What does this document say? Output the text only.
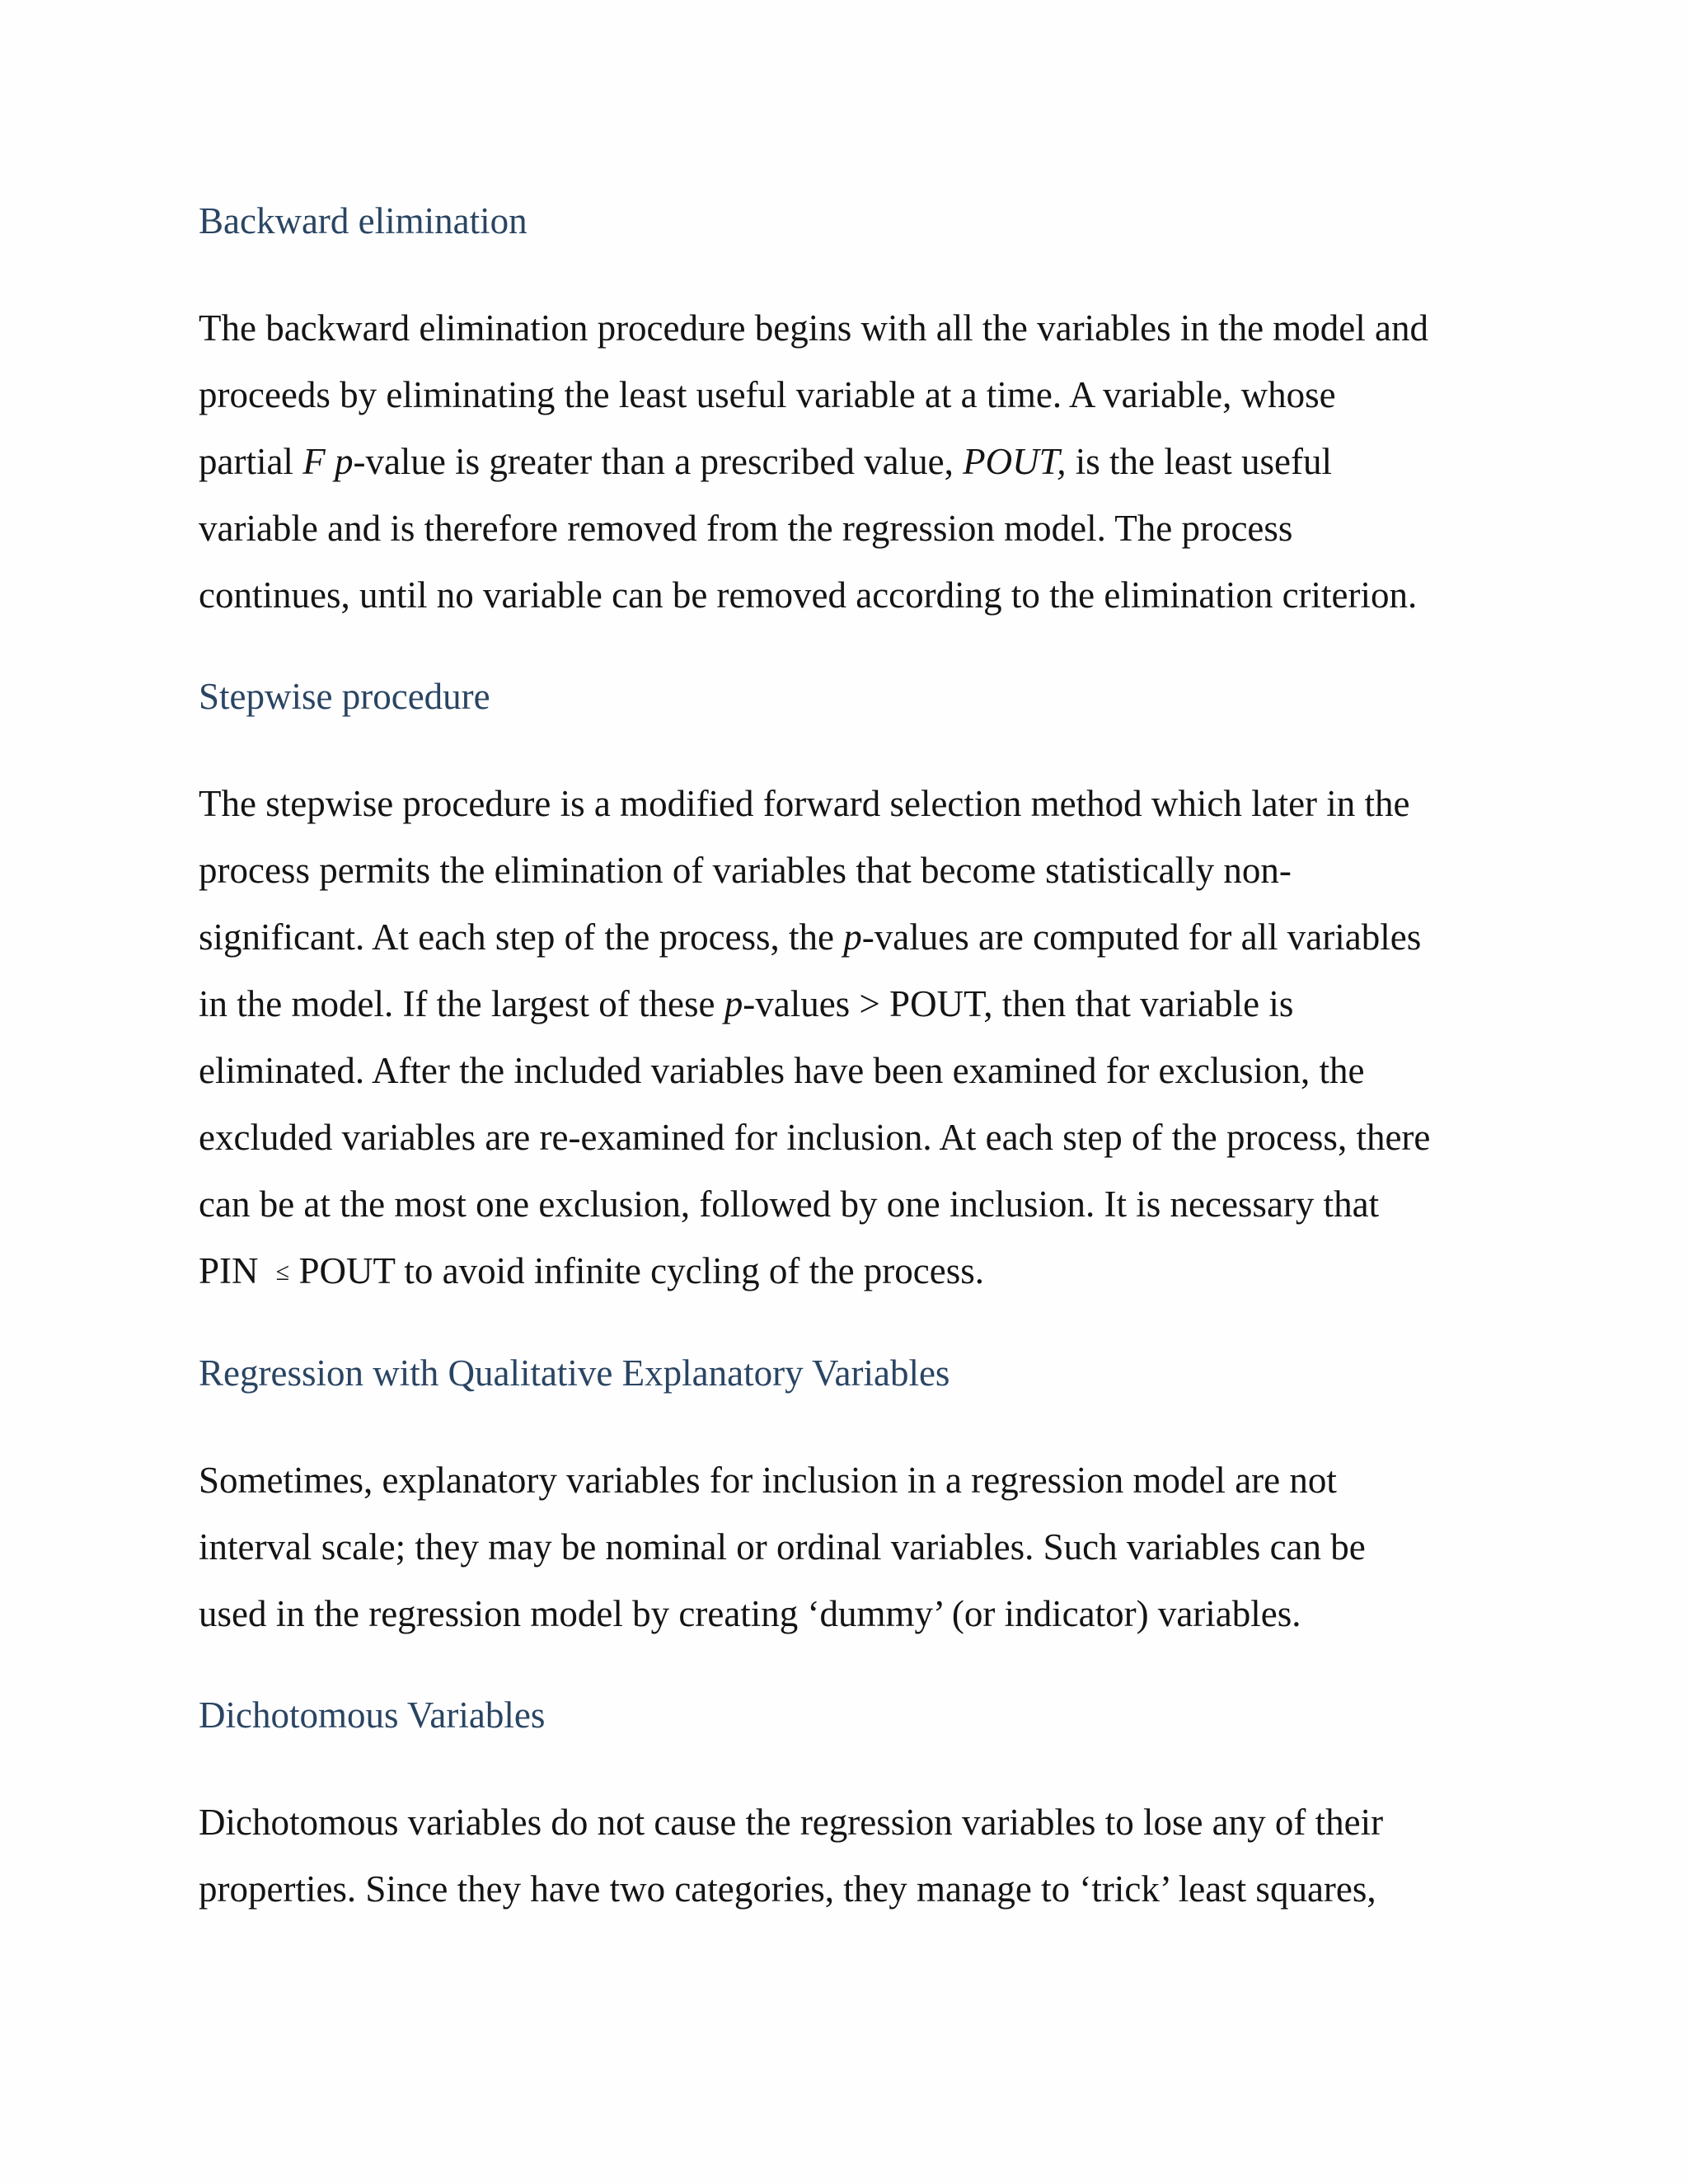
Backward elimination

The backward elimination procedure begins with all the variables in the model and
proceeds by eliminating the least useful variable at a time. A variable, whose
partial F p-value is greater than a prescribed value, POUT, is the least useful
variable and is therefore removed from the regression model. The process
continues, until no variable can be removed according to the elimination criterion.

Stepwise procedure

The stepwise procedure is a modified forward selection method which later in the
process permits the elimination of variables that become statistically non-
significant. At each step of the process, the p-values are computed for all variables
in the model. If the largest of these p-values > POUT, then that variable is
eliminated. After the included variables have been examined for exclusion, the
excluded variables are re-examined for inclusion. At each step of the process, there
can be at the most one exclusion, followed by one inclusion. It is necessary that
PIN ≤ POUT to avoid infinite cycling of the process.

Regression with Qualitative Explanatory Variables

Sometimes, explanatory variables for inclusion in a regression model are not
interval scale; they may be nominal or ordinal variables. Such variables can be
used in the regression model by creating ‘dummy’ (or indicator) variables.

Dichotomous Variables

Dichotomous variables do not cause the regression variables to lose any of their
properties. Since they have two categories, they manage to ‘trick’ least squares,
